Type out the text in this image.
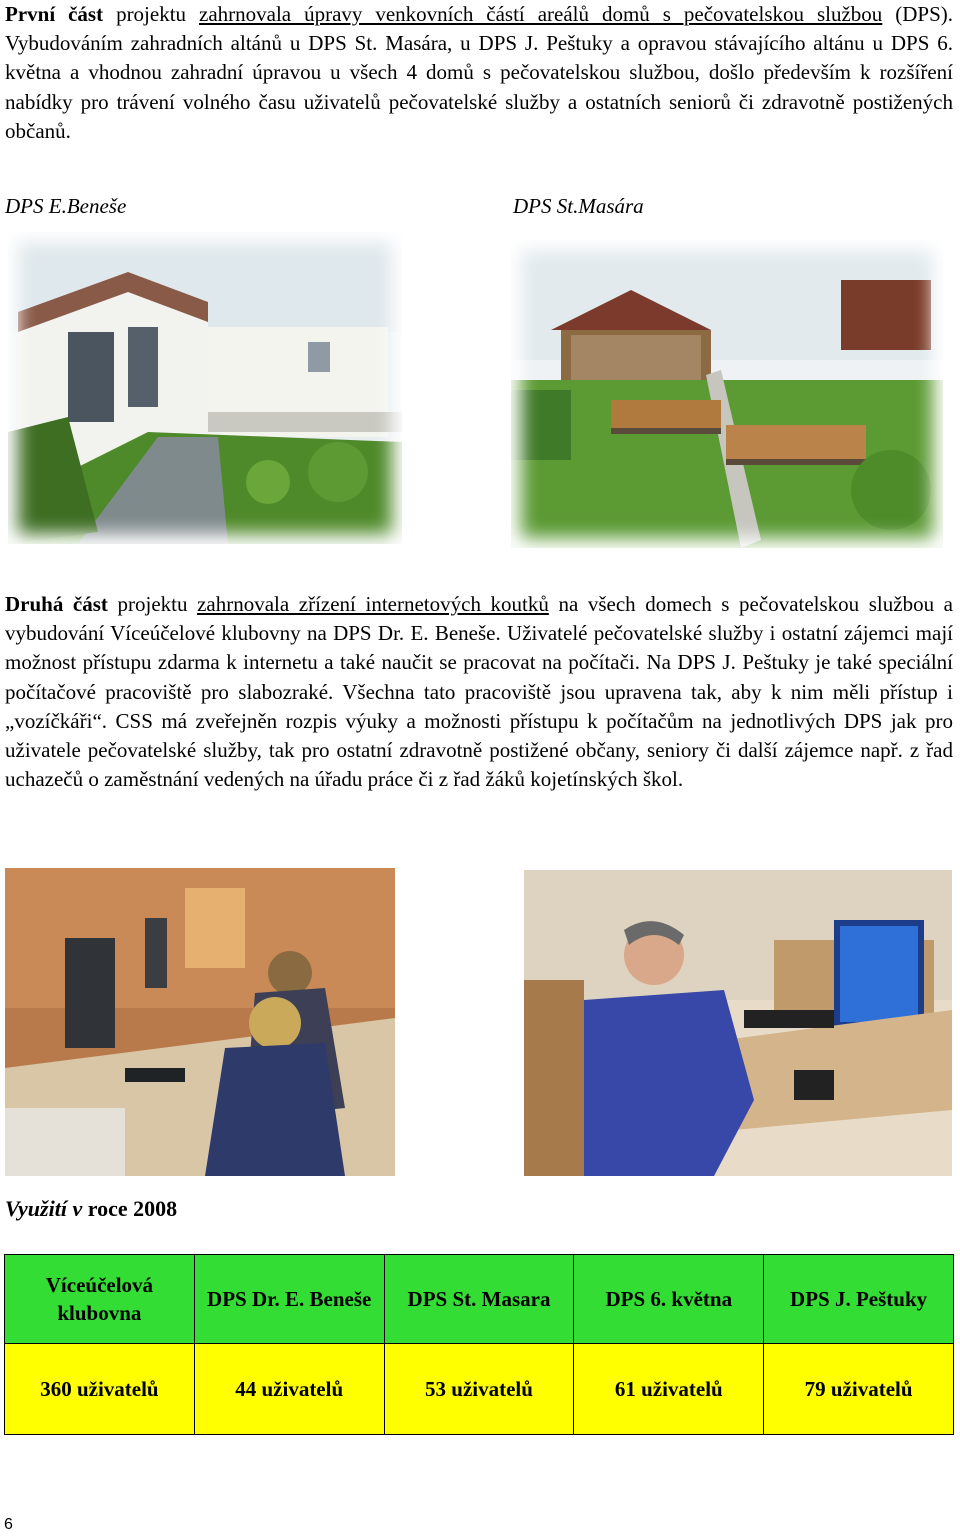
První část projektu zahrnovala úpravy venkovních částí areálů domů s pečovatelskou službou (DPS). Vybudováním zahradních altánů u DPS St. Masára, u DPS J. Peštuky a opravou stávajícího altánu u DPS 6. května a vhodnou zahradní úpravou u všech 4 domů s pečovatelskou službou, došlo především k rozšíření nabídky pro trávení volného času uživatelů pečovatelské služby a ostatních seniorů či zdravotně postižených občanů.

DPS E.Beneše	DPS St.Masára

Druhá část projektu zahrnovala zřízení internetových koutků na všech domech s pečovatelskou službou a vybudování Víceúčelové klubovny na DPS Dr. E. Beneše. Uživatelé pečovatelské služby i ostatní zájemci mají možnost přístupu zdarma k internetu a také naučit se pracovat na počítači. Na DPS J. Peštuky je také speciální počítačové pracoviště pro slabozraké. Všechna tato pracoviště jsou upravena tak, aby k nim měli přístup i „vozíčkáři“. CSS má zveřejněn rozpis výuky a možnosti přístupu k počítačům na jednotlivých DPS jak pro uživatele pečovatelské služby, tak pro ostatní zdravotně postižené občany, seniory či další zájemce např. z řad uchazečů o zaměstnání vedených na úřadu práce či z řad žáků kojetínských škol.

Využití v roce 2008
Víceúčelová klubovna	DPS Dr. E. Beneše	DPS St. Masara	DPS 6. května	DPS J. Peštuky
360 uživatelů	44 uživatelů	53 uživatelů	61 uživatelů	79 uživatelů
6
